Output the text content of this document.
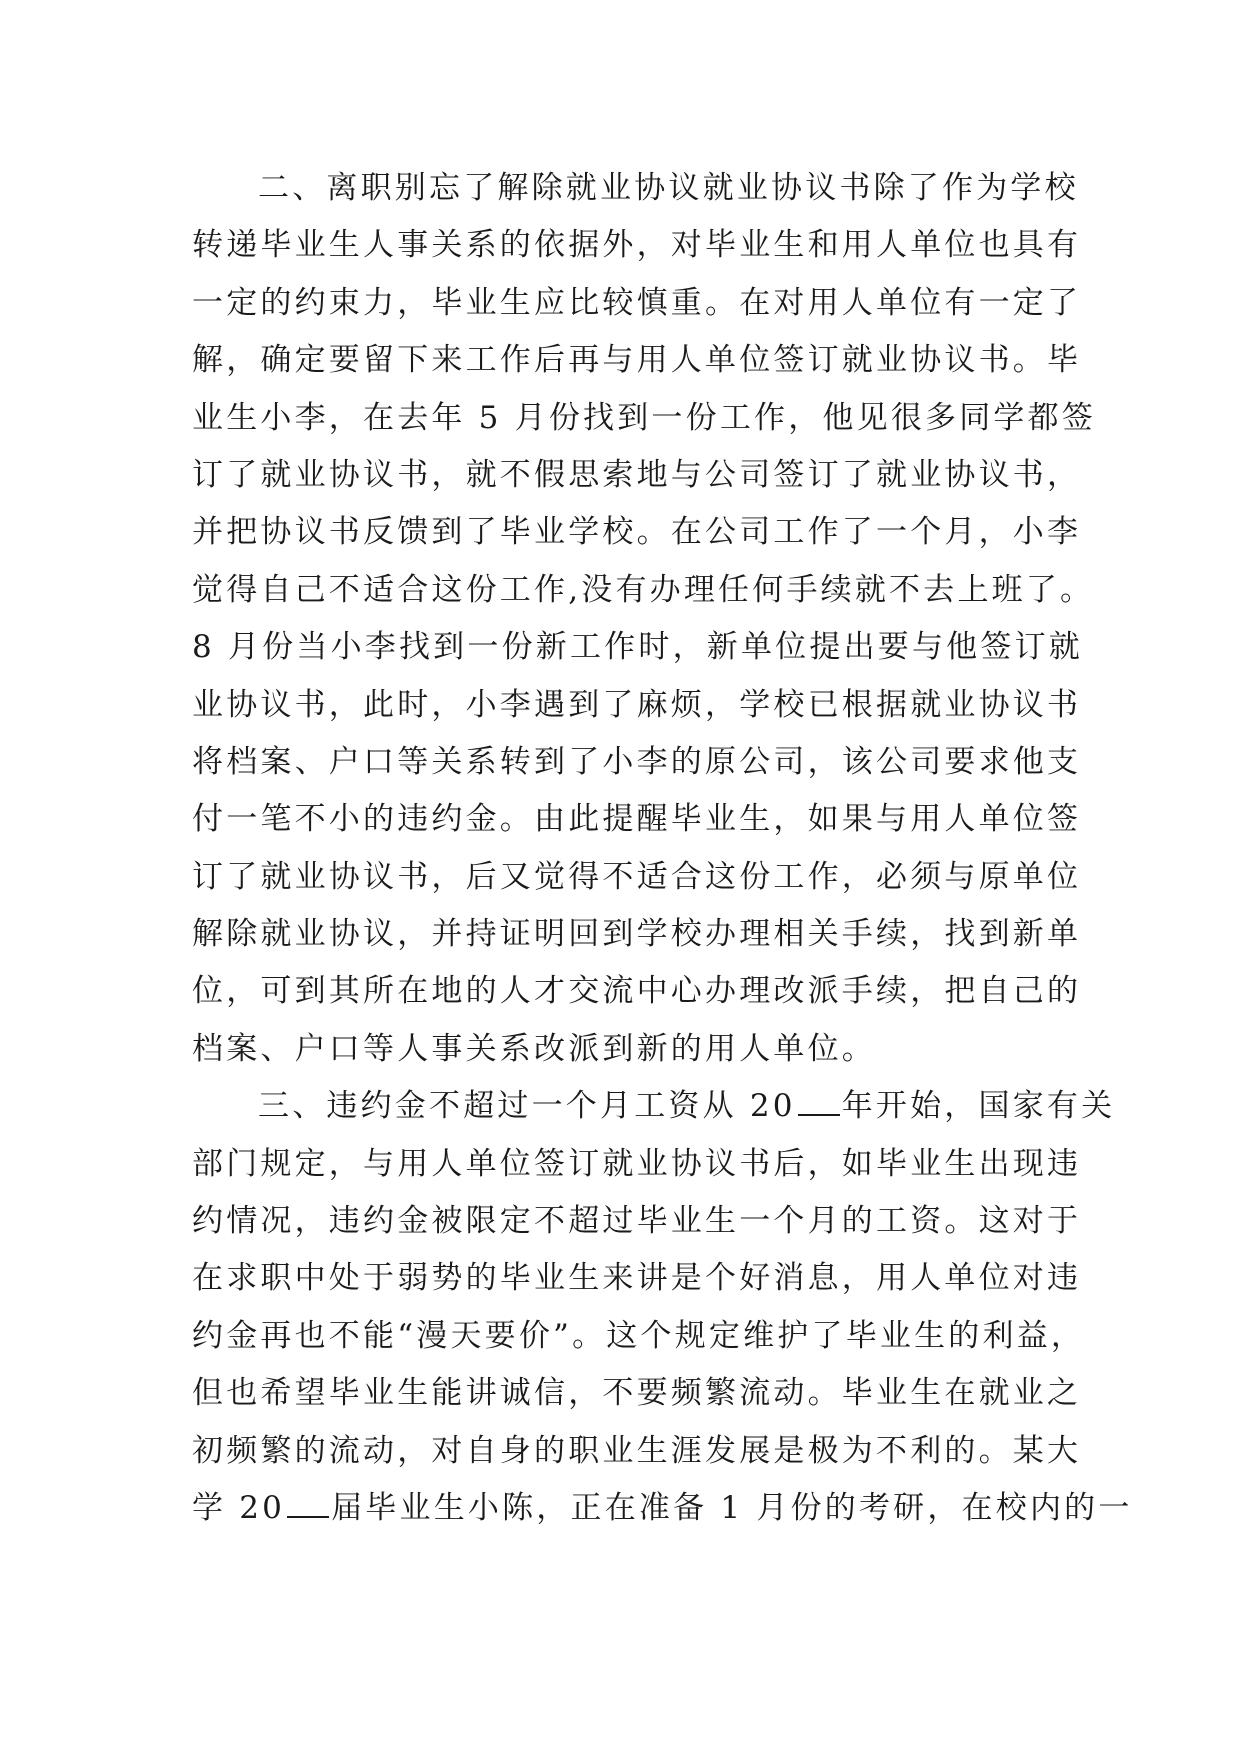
二、离职别忘了解除就业协议就业协议书除了作为学校
转递毕业生人事关系的依据外，对毕业生和用人单位也具有
一定的约束力，毕业生应比较慎重。在对用人单位有一定了
解，确定要留下来工作后再与用人单位签订就业协议书。毕
业生小李，在去年 5 月份找到一份工作，他见很多同学都签
订了就业协议书，就不假思索地与公司签订了就业协议书，
并把协议书反馈到了毕业学校。在公司工作了一个月，小李
觉得自己不适合这份工作,没有办理任何手续就不去上班了。
8 月份当小李找到一份新工作时，新单位提出要与他签订就
业协议书，此时，小李遇到了麻烦，学校已根据就业协议书
将档案、户口等关系转到了小李的原公司，该公司要求他支
付一笔不小的违约金。由此提醒毕业生，如果与用人单位签
订了就业协议书，后又觉得不适合这份工作，必须与原单位
解除就业协议，并持证明回到学校办理相关手续，找到新单
位，可到其所在地的人才交流中心办理改派手续，把自己的
档案、户口等人事关系改派到新的用人单位。
三、违约金不超过一个月工资从 20 年开始，国家有关
部门规定，与用人单位签订就业协议书后，如毕业生出现违
约情况，违约金被限定不超过毕业生一个月的工资。这对于
在求职中处于弱势的毕业生来讲是个好消息，用人单位对违
约金再也不能“漫天要价”。这个规定维护了毕业生的利益，
但也希望毕业生能讲诚信，不要频繁流动。毕业生在就业之
初频繁的流动，对自身的职业生涯发展是极为不利的。某大
学 20 届毕业生小陈，正在准备 1 月份的考研，在校内的一
